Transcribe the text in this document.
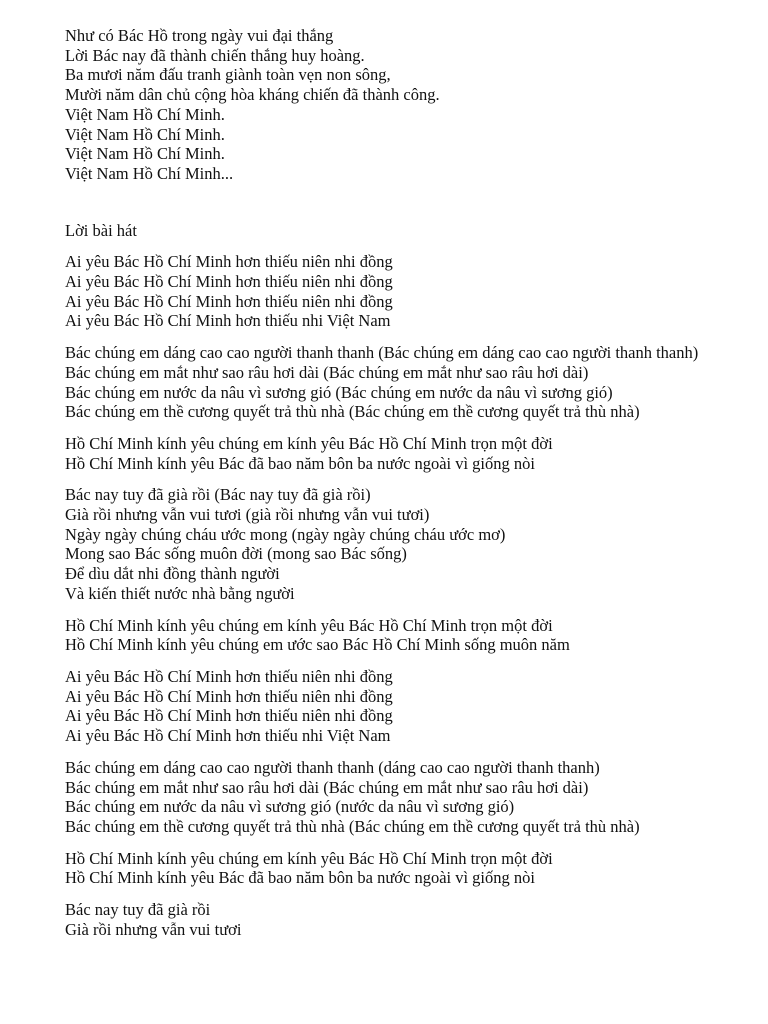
Như có Bác Hồ trong ngày vui đại thắng
Lời Bác nay đã thành chiến thắng huy hoàng.
Ba mươi năm đấu tranh giành toàn vẹn non sông,
Mười năm dân chủ cộng hòa kháng chiến đã thành công.
Việt Nam Hồ Chí Minh.
Việt Nam Hồ Chí Minh.
Việt Nam Hồ Chí Minh.
Việt Nam Hồ Chí Minh...
Lời bài hát
Ai yêu Bác Hồ Chí Minh hơn thiếu niên nhi đồng
Ai yêu Bác Hồ Chí Minh hơn thiếu niên nhi đồng
Ai yêu Bác Hồ Chí Minh hơn thiếu niên nhi đồng
Ai yêu Bác Hồ Chí Minh hơn thiếu nhi Việt Nam
Bác chúng em dáng cao cao người thanh thanh (Bác chúng em dáng cao cao người thanh thanh)
Bác chúng em mắt như sao râu hơi dài (Bác chúng em mắt như sao râu hơi dài)
Bác chúng em nước da nâu vì sương gió (Bác chúng em nước da nâu vì sương gió)
Bác chúng em thề cương quyết trả thù nhà (Bác chúng em thề cương quyết trả thù nhà)
Hồ Chí Minh kính yêu chúng em kính yêu Bác Hồ Chí Minh trọn một đời
Hồ Chí Minh kính yêu Bác đã bao năm bôn ba nước ngoài vì giống nòi
Bác nay tuy đã già rồi (Bác nay tuy đã già rồi)
Già rồi nhưng vẫn vui tươi (già rồi nhưng vẫn vui tươi)
Ngày ngày chúng cháu ước mong (ngày ngày chúng cháu ước mơ)
Mong sao Bác sống muôn đời (mong sao Bác sống)
Để dìu dắt nhi đồng thành người
Và kiến thiết nước nhà bằng người
Hồ Chí Minh kính yêu chúng em kính yêu Bác Hồ Chí Minh trọn một đời
Hồ Chí Minh kính yêu chúng em ước sao Bác Hồ Chí Minh sống muôn năm
Ai yêu Bác Hồ Chí Minh hơn thiếu niên nhi đồng
Ai yêu Bác Hồ Chí Minh hơn thiếu niên nhi đồng
Ai yêu Bác Hồ Chí Minh hơn thiếu niên nhi đồng
Ai yêu Bác Hồ Chí Minh hơn thiếu nhi Việt Nam
Bác chúng em dáng cao cao người thanh thanh (dáng cao cao người thanh thanh)
Bác chúng em mắt như sao râu hơi dài (Bác chúng em mắt như sao râu hơi dài)
Bác chúng em nước da nâu vì sương gió (nước da nâu vì sương gió)
Bác chúng em thề cương quyết trả thù nhà (Bác chúng em thề cương quyết trả thù nhà)
Hồ Chí Minh kính yêu chúng em kính yêu Bác Hồ Chí Minh trọn một đời
Hồ Chí Minh kính yêu Bác đã bao năm bôn ba nước ngoài vì giống nòi
Bác nay tuy đã già rồi
Già rồi nhưng vẫn vui tươi
